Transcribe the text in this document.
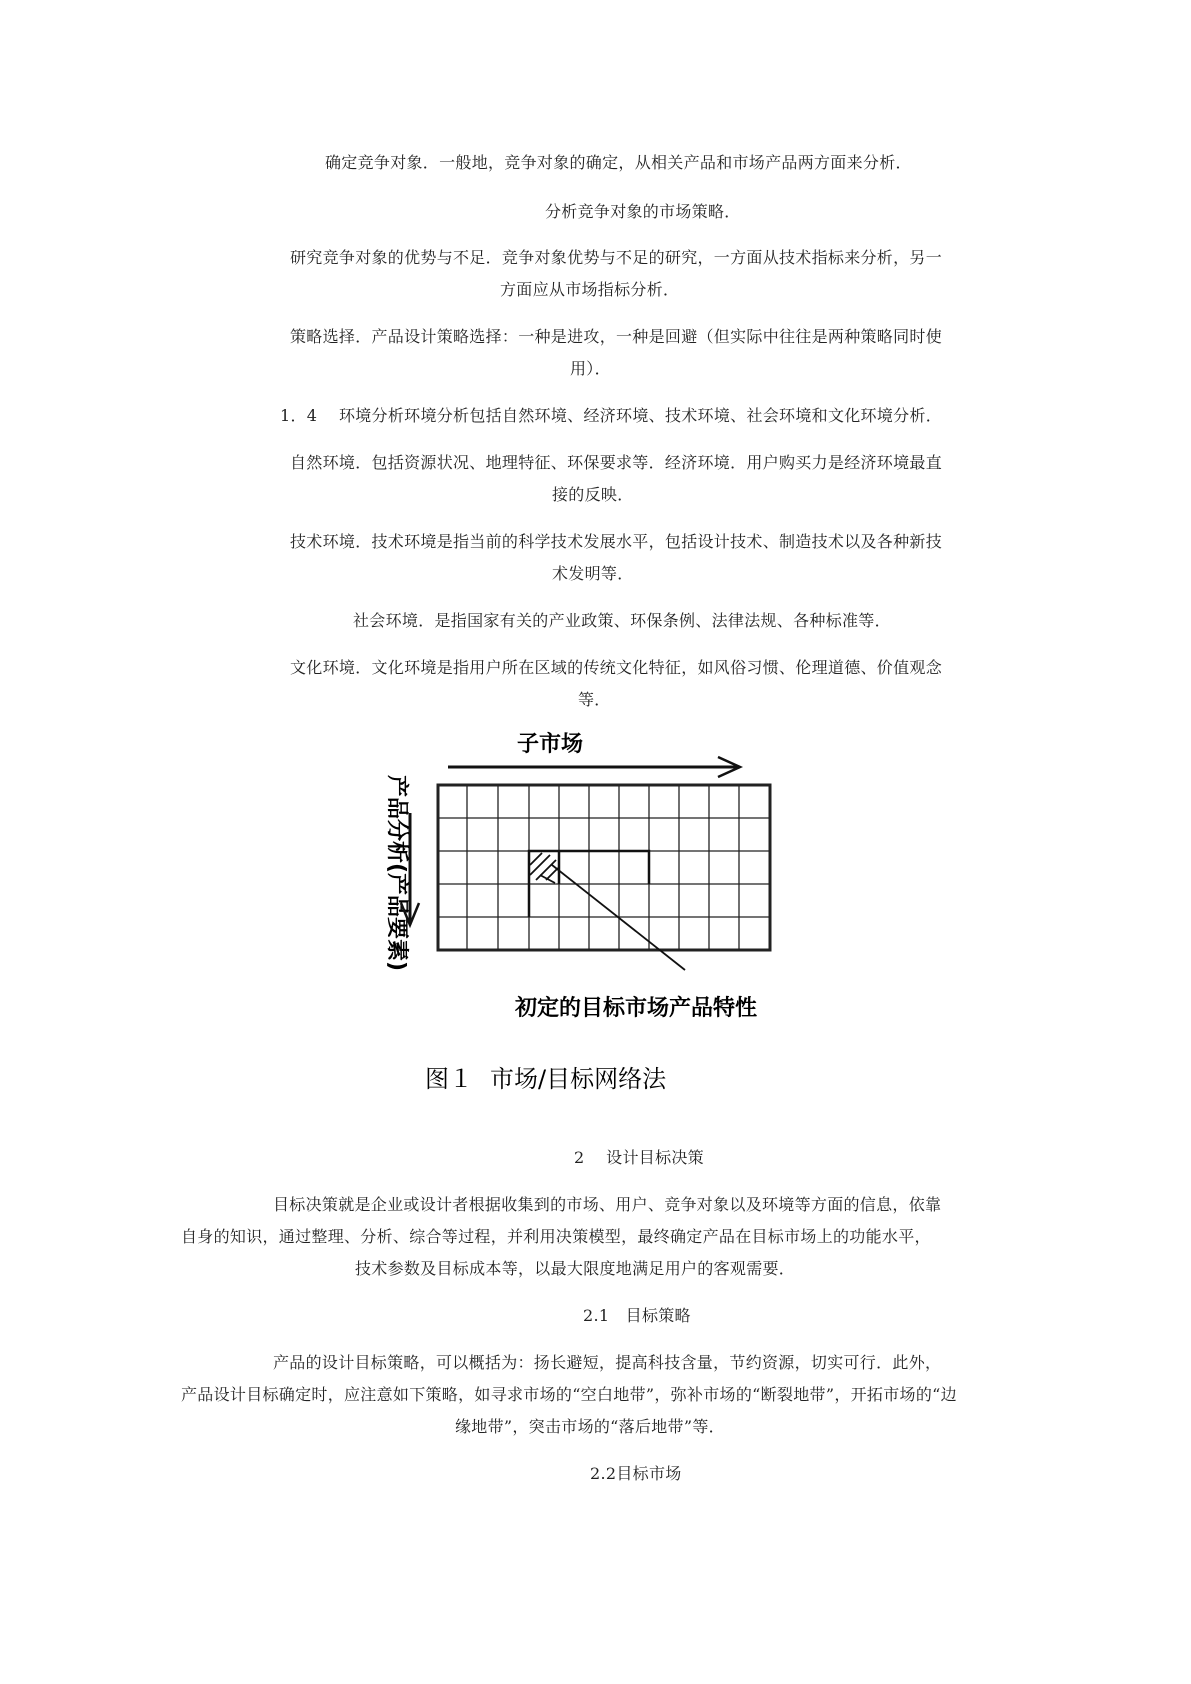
确定竞争对象．一般地，竞争对象的确定，从相关产品和市场产品两方面来分析．
分析竞争对象的市场策略．
研究竞争对象的优势与不足．竞争对象优势与不足的研究，一方面从技术指标来分析，另一
方面应从市场指标分析．
策略选择．产品设计策略选择：一种是进攻，一种是回避（但实际中往往是两种策略同时使
用）．
1．4　 环境分析环境分析包括自然环境、经济环境、技术环境、社会环境和文化环境分析．
自然环境．包括资源状况、地理特征、环保要求等．经济环境．用户购买力是经济环境最直
接的反映．
技术环境．技术环境是指当前的科学技术发展水平，包括设计技术、制造技术以及各种新技
术发明等．
社会环境．是指国家有关的产业政策、环保条例、法律法规、各种标准等．
文化环境．文化环境是指用户所在区域的传统文化特征，如风俗习惯、伦理道德、价值观念
等．
子市场
产品分析(产品要素)
初定的目标市场产品特性
图１ 市场/目标网络法
2　 设计目标决策
目标决策就是企业或设计者根据收集到的市场、用户、竞争对象以及环境等方面的信息，依靠
自身的知识，通过整理、分析、综合等过程，并利用决策模型，最终确定产品在目标市场上的功能水平，
技术参数及目标成本等，以最大限度地满足用户的客观需要．
2.1　目标策略
产品的设计目标策略，可以概括为：扬长避短，提高科技含量，节约资源，切实可行．此外，
产品设计目标确定时，应注意如下策略，如寻求市场的“空白地带”，弥补市场的“断裂地带”，开拓市场的“边
缘地带”，突击市场的“落后地带”等．
2.2目标市场
